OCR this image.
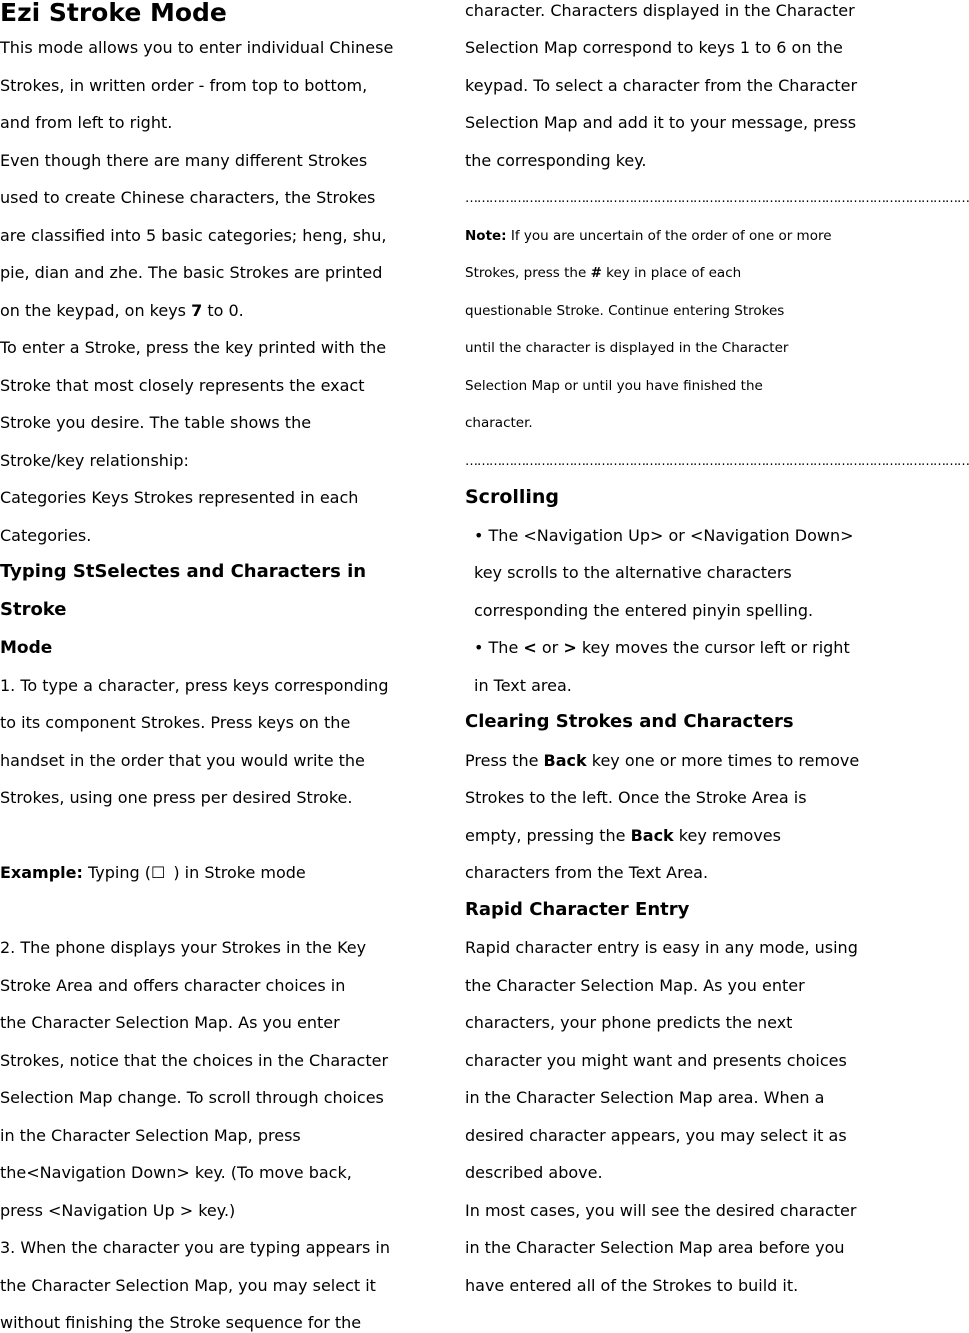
Ezi Stroke Mode
This mode allows you to enter individual Chinese
Strokes, in written order - from top to bottom,
and from left to right.
Even though there are many different Strokes
used to create Chinese characters, the Strokes
are classified into 5 basic categories; heng, shu,
pie, dian and zhe. The basic Strokes are printed
on the keypad, on keys 7 to 0.
To enter a Stroke, press the key printed with the
Stroke that most closely represents the exact
Stroke you desire. The table shows the
Stroke/key relationship:
Categories Keys Strokes represented in each
Categories.
Typing StSelectes and Characters in
Stroke
Mode
1. To type a character, press keys corresponding
to its component Strokes. Press keys on the
handset in the order that you would write the
Strokes, using one press per desired Stroke.
Example: Typing (☐ ) in Stroke mode
2. The phone displays your Strokes in the Key
Stroke Area and offers character choices in
the Character Selection Map. As you enter
Strokes, notice that the choices in the Character
Selection Map change. To scroll through choices
in the Character Selection Map, press
the<Navigation Down> key. (To move back,
press <Navigation Up > key.)
3. When the character you are typing appears in
the Character Selection Map, you may select it
without finishing the Stroke sequence for the
character. Characters displayed in the Character
Selection Map correspond to keys 1 to 6 on the
keypad. To select a character from the Character
Selection Map and add it to your message, press
the corresponding key.
………………………………………………………………………………………………………………
Note: If you are uncertain of the order of one or more
Strokes, press the # key in place of each
questionable Stroke. Continue entering Strokes
until the character is displayed in the Character
Selection Map or until you have finished the
character.
………………………………………………………………………………………………………………
Scrolling
• The <Navigation Up> or <Navigation Down>
key scrolls to the alternative characters
corresponding the entered pinyin spelling.
• The < or > key moves the cursor left or right
in Text area.
Clearing Strokes and Characters
Press the Back key one or more times to remove
Strokes to the left. Once the Stroke Area is
empty, pressing the Back key removes
characters from the Text Area.
Rapid Character Entry
Rapid character entry is easy in any mode, using
the Character Selection Map. As you enter
characters, your phone predicts the next
character you might want and presents choices
in the Character Selection Map area. When a
desired character appears, you may select it as
described above.
In most cases, you will see the desired character
in the Character Selection Map area before you
have entered all of the Strokes to build it.
